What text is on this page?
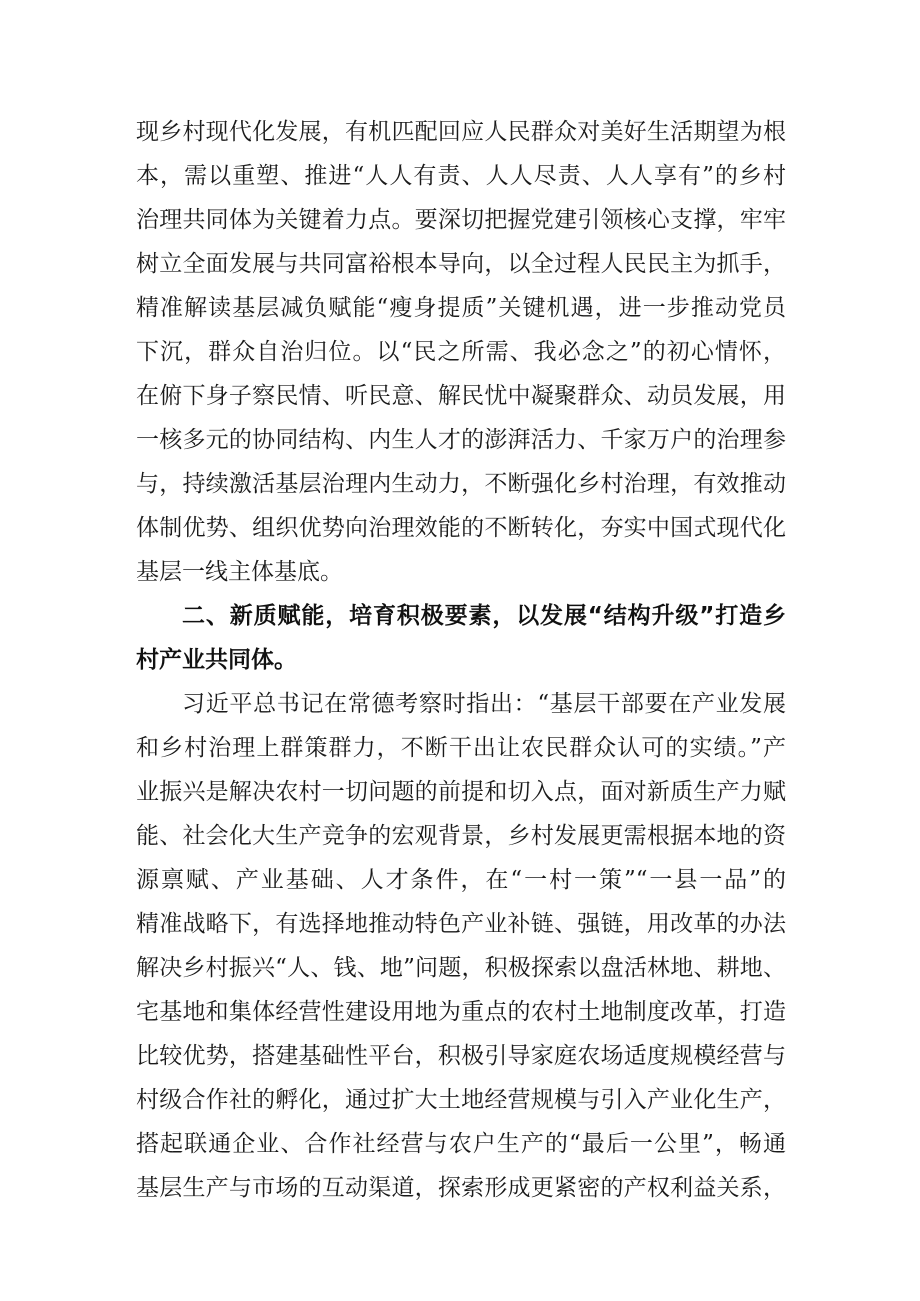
现乡村现代化发展，有机匹配回应人民群众对美好生活期望为根
本，需以重塑、推进“人人有责、人人尽责、人人享有”的乡村
治理共同体为关键着力点。要深切把握党建引领核心支撑，牢牢
树立全面发展与共同富裕根本导向，以全过程人民民主为抓手，
精准解读基层减负赋能“瘦身提质”关键机遇，进一步推动党员
下沉，群众自治归位。以“民之所需、我必念之”的初心情怀，
在俯下身子察民情、听民意、解民忧中凝聚群众、动员发展，用
一核多元的协同结构、内生人才的澎湃活力、千家万户的治理参
与，持续激活基层治理内生动力，不断强化乡村治理，有效推动
体制优势、组织优势向治理效能的不断转化，夯实中国式现代化
基层一线主体基底。
二、新质赋能，培育积极要素，以发展“结构升级”打造乡
村产业共同体。
习近平总书记在常德考察时指出：“基层干部要在产业发展
和乡村治理上群策群力，不断干出让农民群众认可的实绩。”产
业振兴是解决农村一切问题的前提和切入点，面对新质生产力赋
能、社会化大生产竞争的宏观背景，乡村发展更需根据本地的资
源禀赋、产业基础、人才条件，在“一村一策”“一县一品”的
精准战略下，有选择地推动特色产业补链、强链，用改革的办法
解决乡村振兴“人、钱、地”问题，积极探索以盘活林地、耕地、
宅基地和集体经营性建设用地为重点的农村土地制度改革，打造
比较优势，搭建基础性平台，积极引导家庭农场适度规模经营与
村级合作社的孵化，通过扩大土地经营规模与引入产业化生产，
搭起联通企业、合作社经营与农户生产的“最后一公里”，畅通
基层生产与市场的互动渠道，探索形成更紧密的产权利益关系，
